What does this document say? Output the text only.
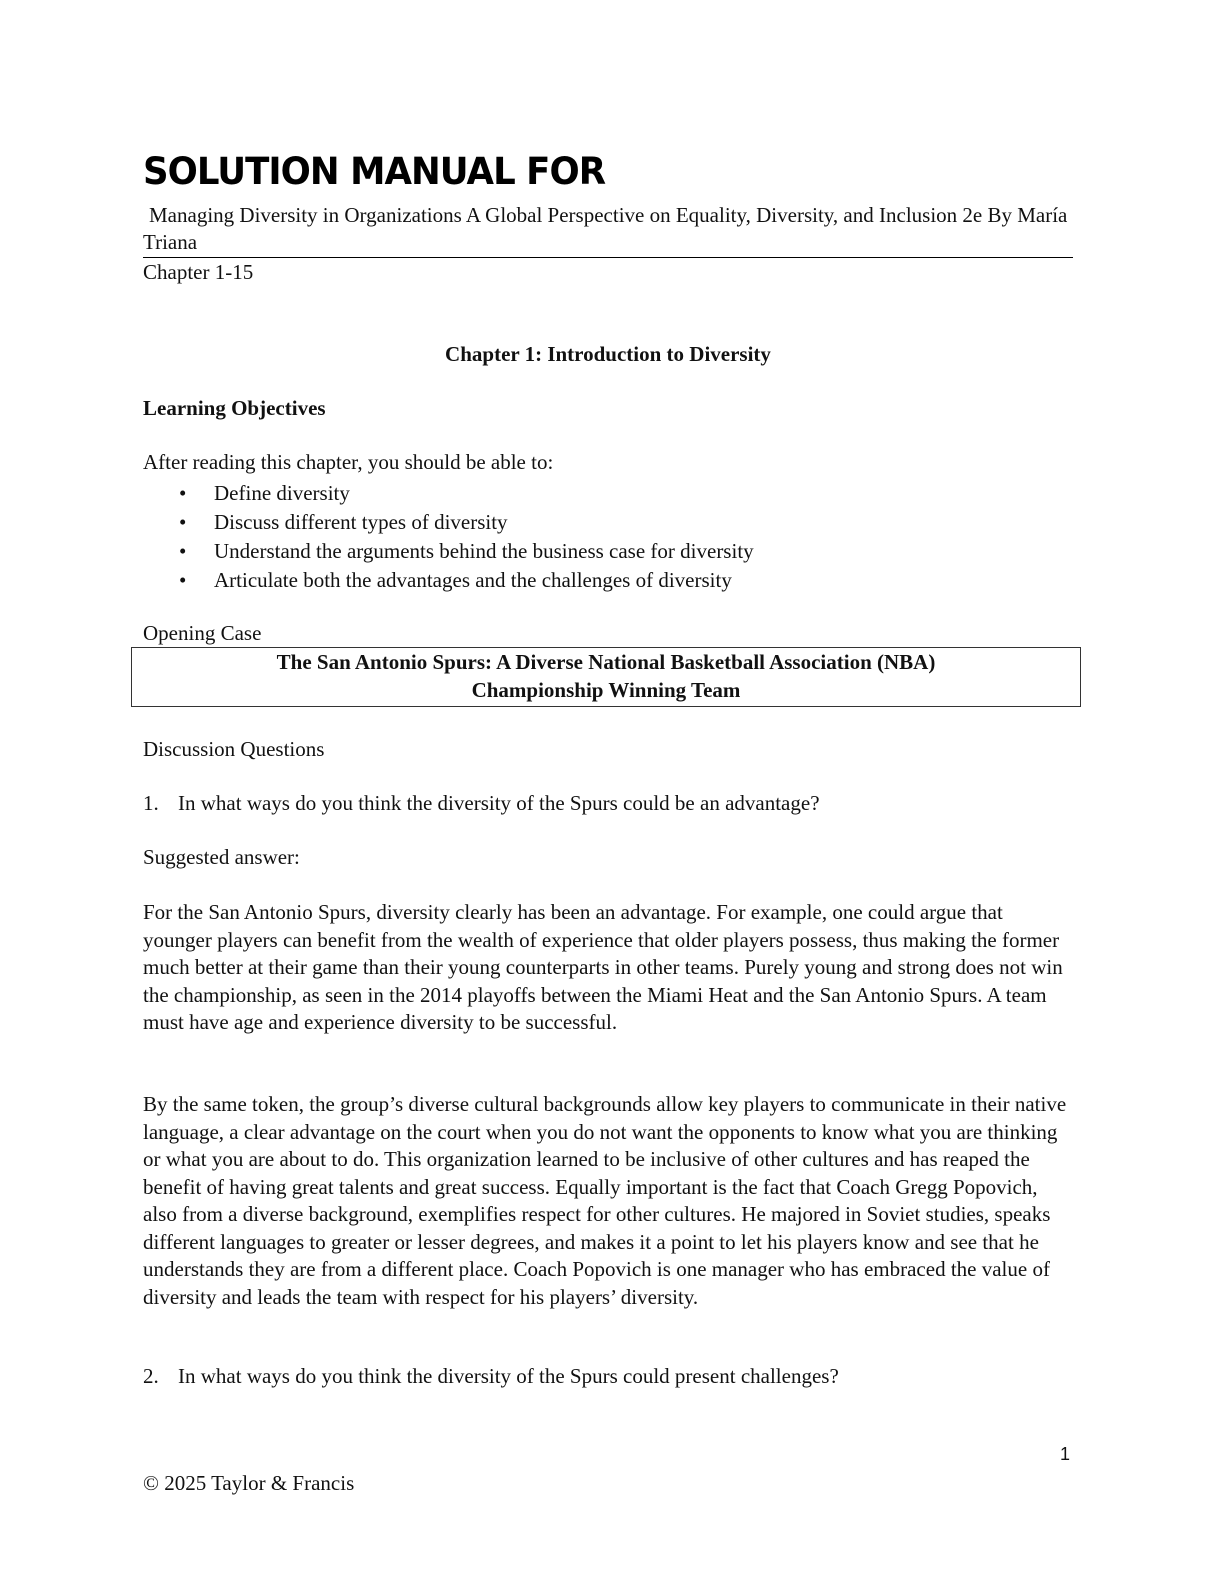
SOLUTION MANUAL FOR
Managing Diversity in Organizations A Global Perspective on Equality, Diversity, and Inclusion 2e By María Triana
Chapter 1-15
Chapter 1: Introduction to Diversity
Learning Objectives
After reading this chapter, you should be able to:
• Define diversity
• Discuss different types of diversity
• Understand the arguments behind the business case for diversity
• Articulate both the advantages and the challenges of diversity
Opening Case
The San Antonio Spurs: A Diverse National Basketball Association (NBA)
Championship Winning Team
Discussion Questions
1. In what ways do you think the diversity of the Spurs could be an advantage?
Suggested answer:

For the San Antonio Spurs, diversity clearly has been an advantage. For example, one could argue that younger players can benefit from the wealth of experience that older players possess, thus making the former much better at their game than their young counterparts in other teams. Purely young and strong does not win the championship, as seen in the 2014 playoffs between the Miami Heat and the San Antonio Spurs. A team must have age and experience diversity to be successful.

By the same token, the group’s diverse cultural backgrounds allow key players to communicate in their native language, a clear advantage on the court when you do not want the opponents to know what you are thinking or what you are about to do. This organization learned to be inclusive of other cultures and has reaped the benefit of having great talents and great success. Equally important is the fact that Coach Gregg Popovich, also from a diverse background, exemplifies respect for other cultures. He majored in Soviet studies, speaks different languages to greater or lesser degrees, and makes it a point to let his players know and see that he understands they are from a different place. Coach Popovich is one manager who has embraced the value of diversity and leads the team with respect for his players’ diversity.

2. In what ways do you think the diversity of the Spurs could present challenges?
1
© 2025 Taylor & Francis
